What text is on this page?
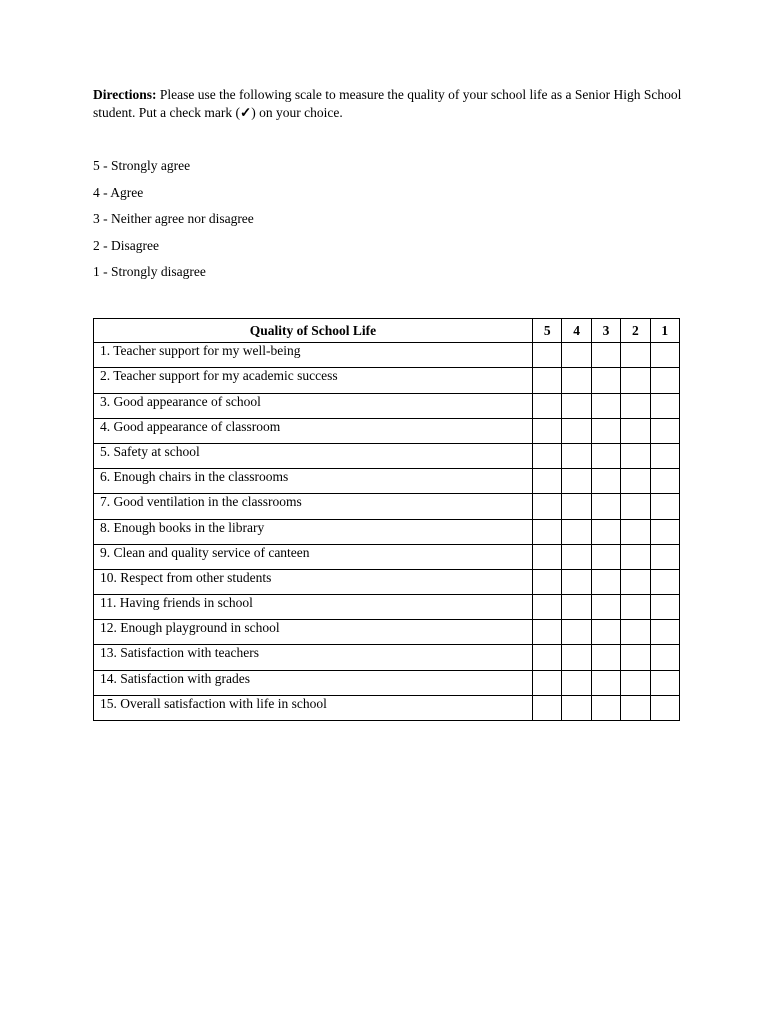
Directions: Please use the following scale to measure the quality of your school life as a Senior High School student. Put a check mark (✓) on your choice.

5 - Strongly agree
4 - Agree
3 - Neither agree nor disagree
2 - Disagree
1 - Strongly disagree
Quality of School Life	5	4	3	2	1
1. Teacher support for my well-being					
2. Teacher support for my academic success					
3. Good appearance of school					
4. Good appearance of classroom					
5. Safety at school					
6. Enough chairs in the classrooms					
7. Good ventilation in the classrooms					
8. Enough books in the library					
9. Clean and quality service of canteen					
10. Respect from other students					
11. Having friends in school					
12. Enough playground in school					
13. Satisfaction with teachers					
14. Satisfaction with grades					
15. Overall satisfaction with life in school					
